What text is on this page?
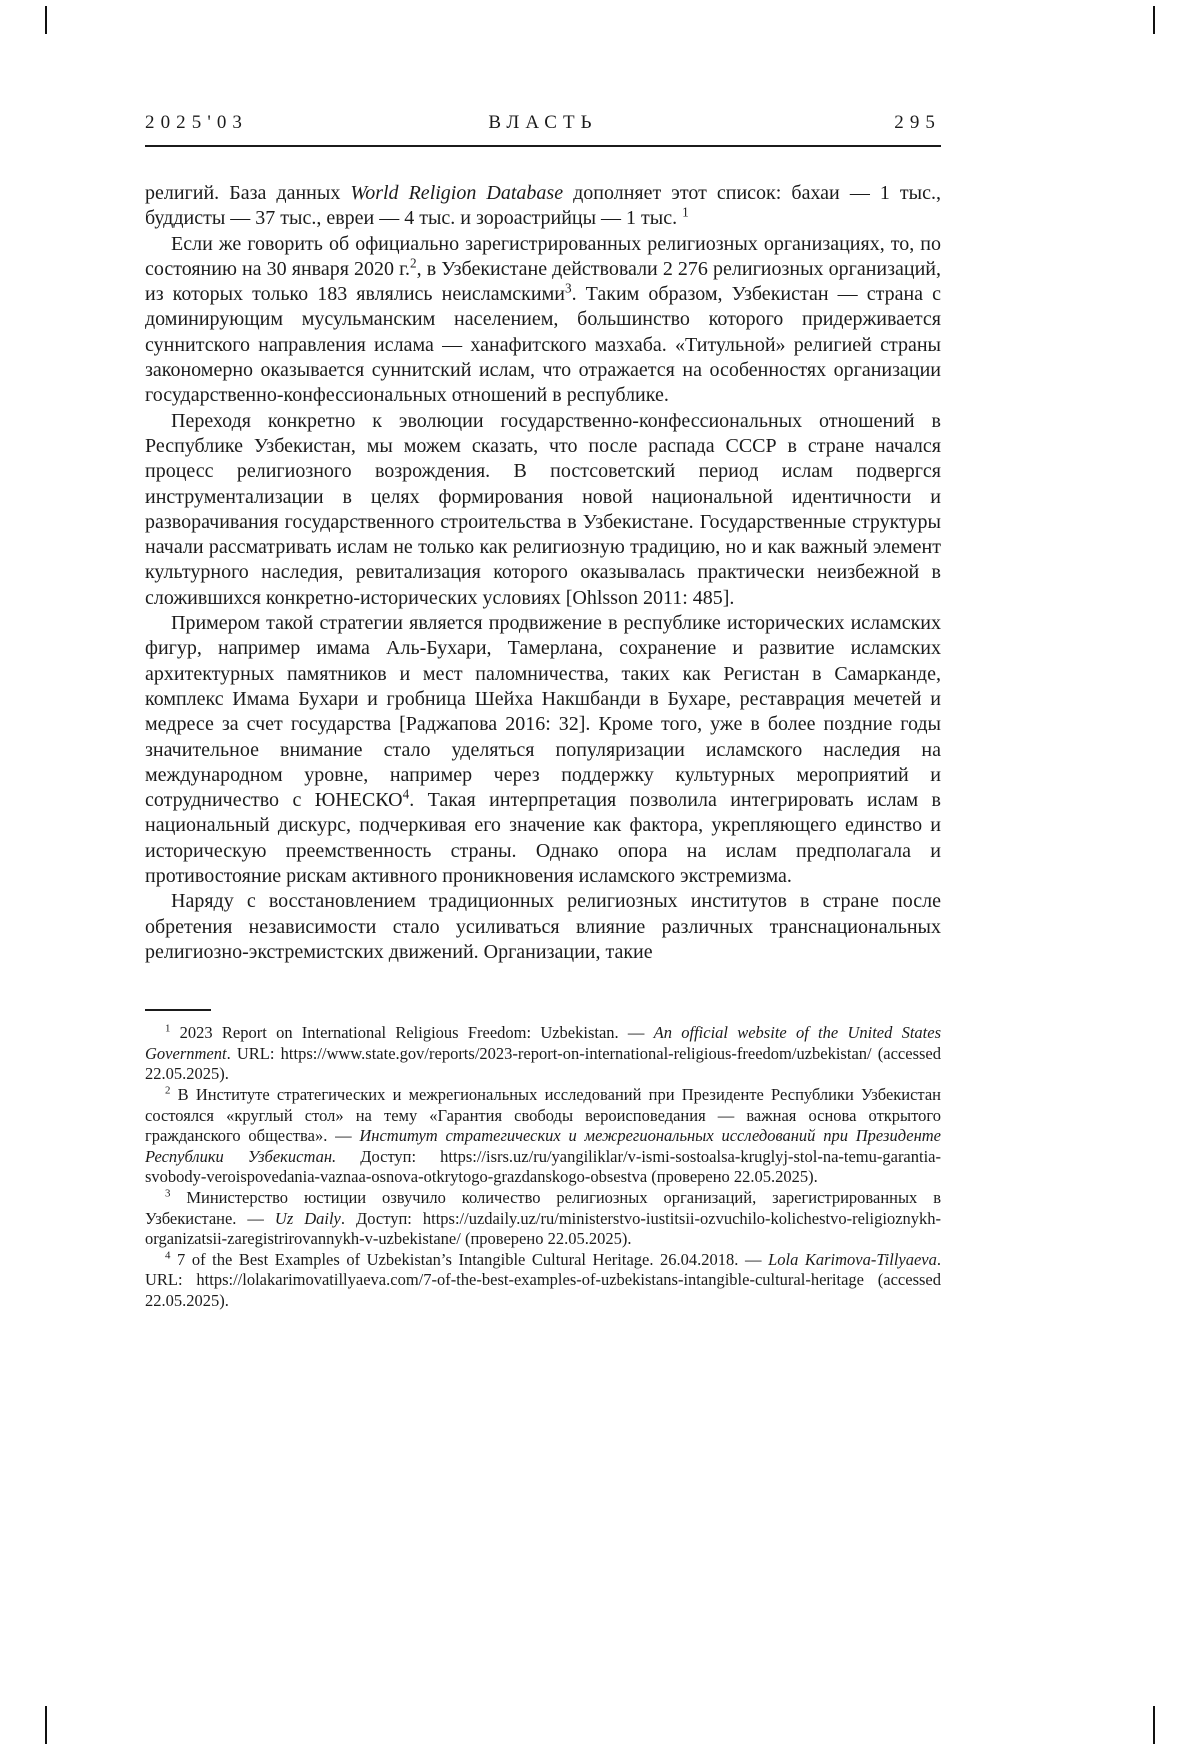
2025'03	ВЛАСТЬ	295

религий. База данных World Religion Database дополняет этот список: бахаи — 1 тыс., буддисты — 37 тыс., евреи — 4 тыс. и зороастрийцы — 1 тыс. $^1$

Если же говорить об официально зарегистрированных религиозных организациях, то, по состоянию на 30 января 2020 г.$^2$, в Узбекистане действовали 2 276 религиозных организаций, из которых только 183 являлись неисламскими$^3$. Таким образом, Узбекистан — страна с доминирующим мусульманским населением, большинство которого придерживается суннитского направления ислама — ханафитского мазхаба. «Титульной» религией страны закономерно оказывается суннитский ислам, что отражается на особенностях организации государственно-конфессиональных отношений в республике.

Переходя конкретно к эволюции государственно-конфессиональных отношений в Республике Узбекистан, мы можем сказать, что после распада СССР в стране начался процесс религиозного возрождения. В постсоветский период ислам подвергся инструментализации в целях формирования новой национальной идентичности и разворачивания государственного строительства в Узбекистане. Государственные структуры начали рассматривать ислам не только как религиозную традицию, но и как важный элемент культурного наследия, ревитализация которого оказывалась практически неизбежной в сложившихся конкретно-исторических условиях [Ohlsson 2011: 485].

Примером такой стратегии является продвижение в республике исторических исламских фигур, например имама Аль-Бухари, Тамерлана, сохранение и развитие исламских архитектурных памятников и мест паломничества, таких как Регистан в Самарканде, комплекс Имама Бухари и гробница Шейха Накшбанди в Бухаре, реставрация мечетей и медресе за счет государства [Раджапова 2016: 32]. Кроме того, уже в более поздние годы значительное внимание стало уделяться популяризации исламского наследия на международном уровне, например через поддержку культурных мероприятий и сотрудничество с ЮНЕСКО$^4$. Такая интерпретация позволила интегрировать ислам в национальный дискурс, подчеркивая его значение как фактора, укрепляющего единство и историческую преемственность страны. Однако опора на ислам предполагала и противостояние рискам активного проникновения исламского экстремизма.

Наряду с восстановлением традиционных религиозных институтов в стране после обретения независимости стало усиливаться влияние различных транснациональных религиозно-экстремистских движений. Организации, такие

$^1$ 2023 Report on International Religious Freedom: Uzbekistan. — An official website of the United States Government. URL: https://www.state.gov/reports/2023-report-on-international-religious-freedom/uzbekistan/ (accessed 22.05.2025).

$^2$ В Институте стратегических и межрегиональных исследований при Президенте Республики Узбекистан состоялся «круглый стол» на тему «Гарантия свободы вероисповедания — важная основа открытого гражданского общества». — Институт стратегических и межрегиональных исследований при Президенте Республики Узбекистан. Доступ: https://isrs.uz/ru/yangiliklar/v-ismi-sostoalsa-kruglyj-stol-na-temu-garantia-svobody-veroispovedania-vaznaa-osnova-otkrytogo-grazdanskogo-obsestva (проверено 22.05.2025).

$^3$ Министерство юстиции озвучило количество религиозных организаций, зарегистрированных в Узбекистане. — Uz Daily. Доступ: https://uzdaily.uz/ru/ministerstvo-iustitsii-ozvuchilo-kolichestvo-religioznykh-organizatsii-zaregistrirovannykh-v-uzbekistane/ (проверено 22.05.2025).

$^4$ 7 of the Best Examples of Uzbekistan’s Intangible Cultural Heritage. 26.04.2018. — Lola Karimova-Tillyaeva. URL: https://lolakarimovatillyaeva.com/7-of-the-best-examples-of-uzbekistans-intangible-cultural-heritage (accessed 22.05.2025).
